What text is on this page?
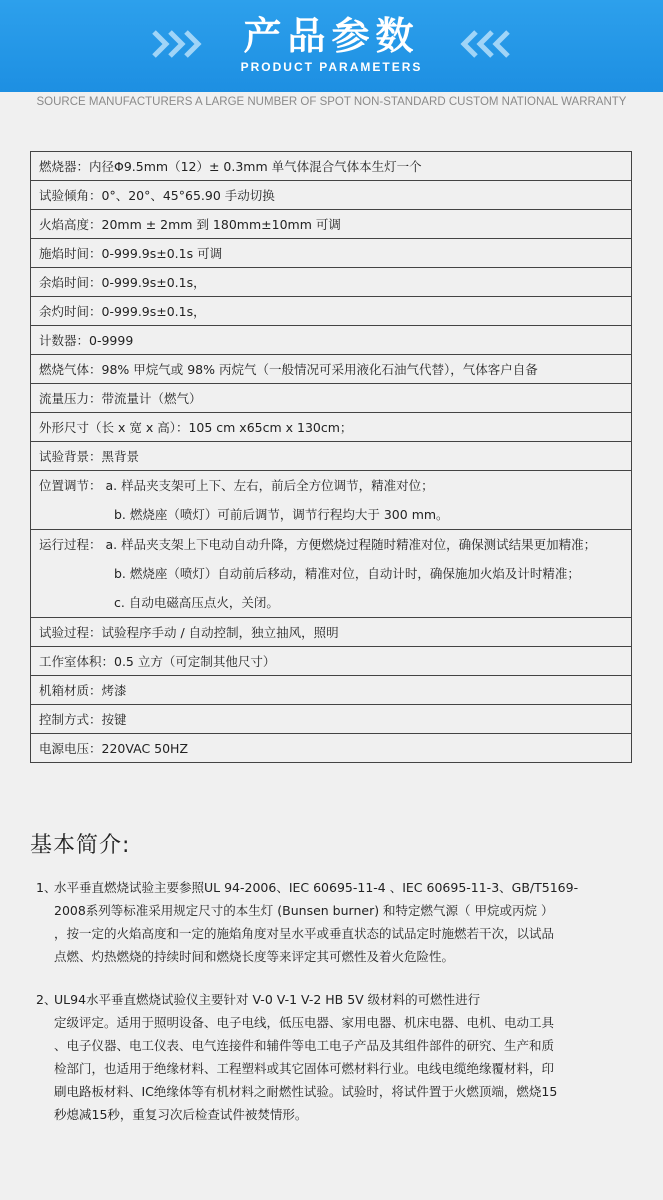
产品参数
PRODUCT PARAMETERS
SOURCE MANUFACTURERS A LARGE NUMBER OF SPOT NON-STANDARD CUSTOM NATIONAL WARRANTY
燃烧器：内径Φ9.5mm（12）± 0.3mm 单气体混合气体本生灯一个
试验倾角：0°、20°、45°65.90 手动切换
火焰高度：20mm ± 2mm 到 180mm±10mm 可调
施焰时间：0-999.9s±0.1s 可调
余焰时间：0-999.9s±0.1s，
余灼时间：0-999.9s±0.1s，
计数器：0-9999
燃烧气体：98% 甲烷气或 98% 丙烷气（一般情况可采用液化石油气代替），气体客户自备
流量压力：带流量计（燃气）
外形尺寸（长 x 宽 x 高）：105 cm x65cm x 130cm；
试验背景：黑背景

位置调节： a. 样品夹支架可上下、左右，前后全方位调节，精准对位；
b. 燃烧座（喷灯）可前后调节，调节行程均大于 300 mm。

运行过程： a. 样品夹支架上下电动自动升降，方便燃烧过程随时精准对位，确保测试结果更加精准；
b. 燃烧座（喷灯）自动前后移动，精准对位，自动计时，确保施加火焰及计时精准；
c. 自动电磁高压点火，关闭。

试验过程：试验程序手动 / 自动控制，独立抽风，照明
工作室体积：0.5 立方（可定制其他尺寸）
机箱材质：烤漆
控制方式：按键
电源电压：220VAC 50HZ
基本简介:
1、
水平垂直燃烧试验主要参照UL 94-2006、IEC 60695-11-4 、IEC 60695-11-3、GB/T5169-
2008系列等标准采用规定尺寸的本生灯 (Bunsen burner) 和特定燃气源（ 甲烷或丙烷 ）
，按一定的火焰高度和一定的施焰角度对呈水平或垂直状态的试品定时施燃若干次，以试品
点燃、灼热燃烧的持续时间和燃烧长度等来评定其可燃性及着火危险性。
2、
UL94水平垂直燃烧试验仪主要针对 V-0 V-1 V-2 HB 5V 级材料的可燃性进行
定级评定。适用于照明设备、电子电线，低压电器、家用电器、机床电器、电机、电动工具
、电子仪器、电工仪表、电气连接件和辅件等电工电子产品及其组件部件的研究、生产和质
检部门，也适用于绝缘材料、工程塑料或其它固体可燃材料行业。电线电缆绝缘覆材料，印
刷电路板材料、IC绝缘体等有机材料之耐燃性试验。试验时，将试件置于火燃顶端，燃烧15
秒熄减15秒，重复习次后检查试件被焚情形。
